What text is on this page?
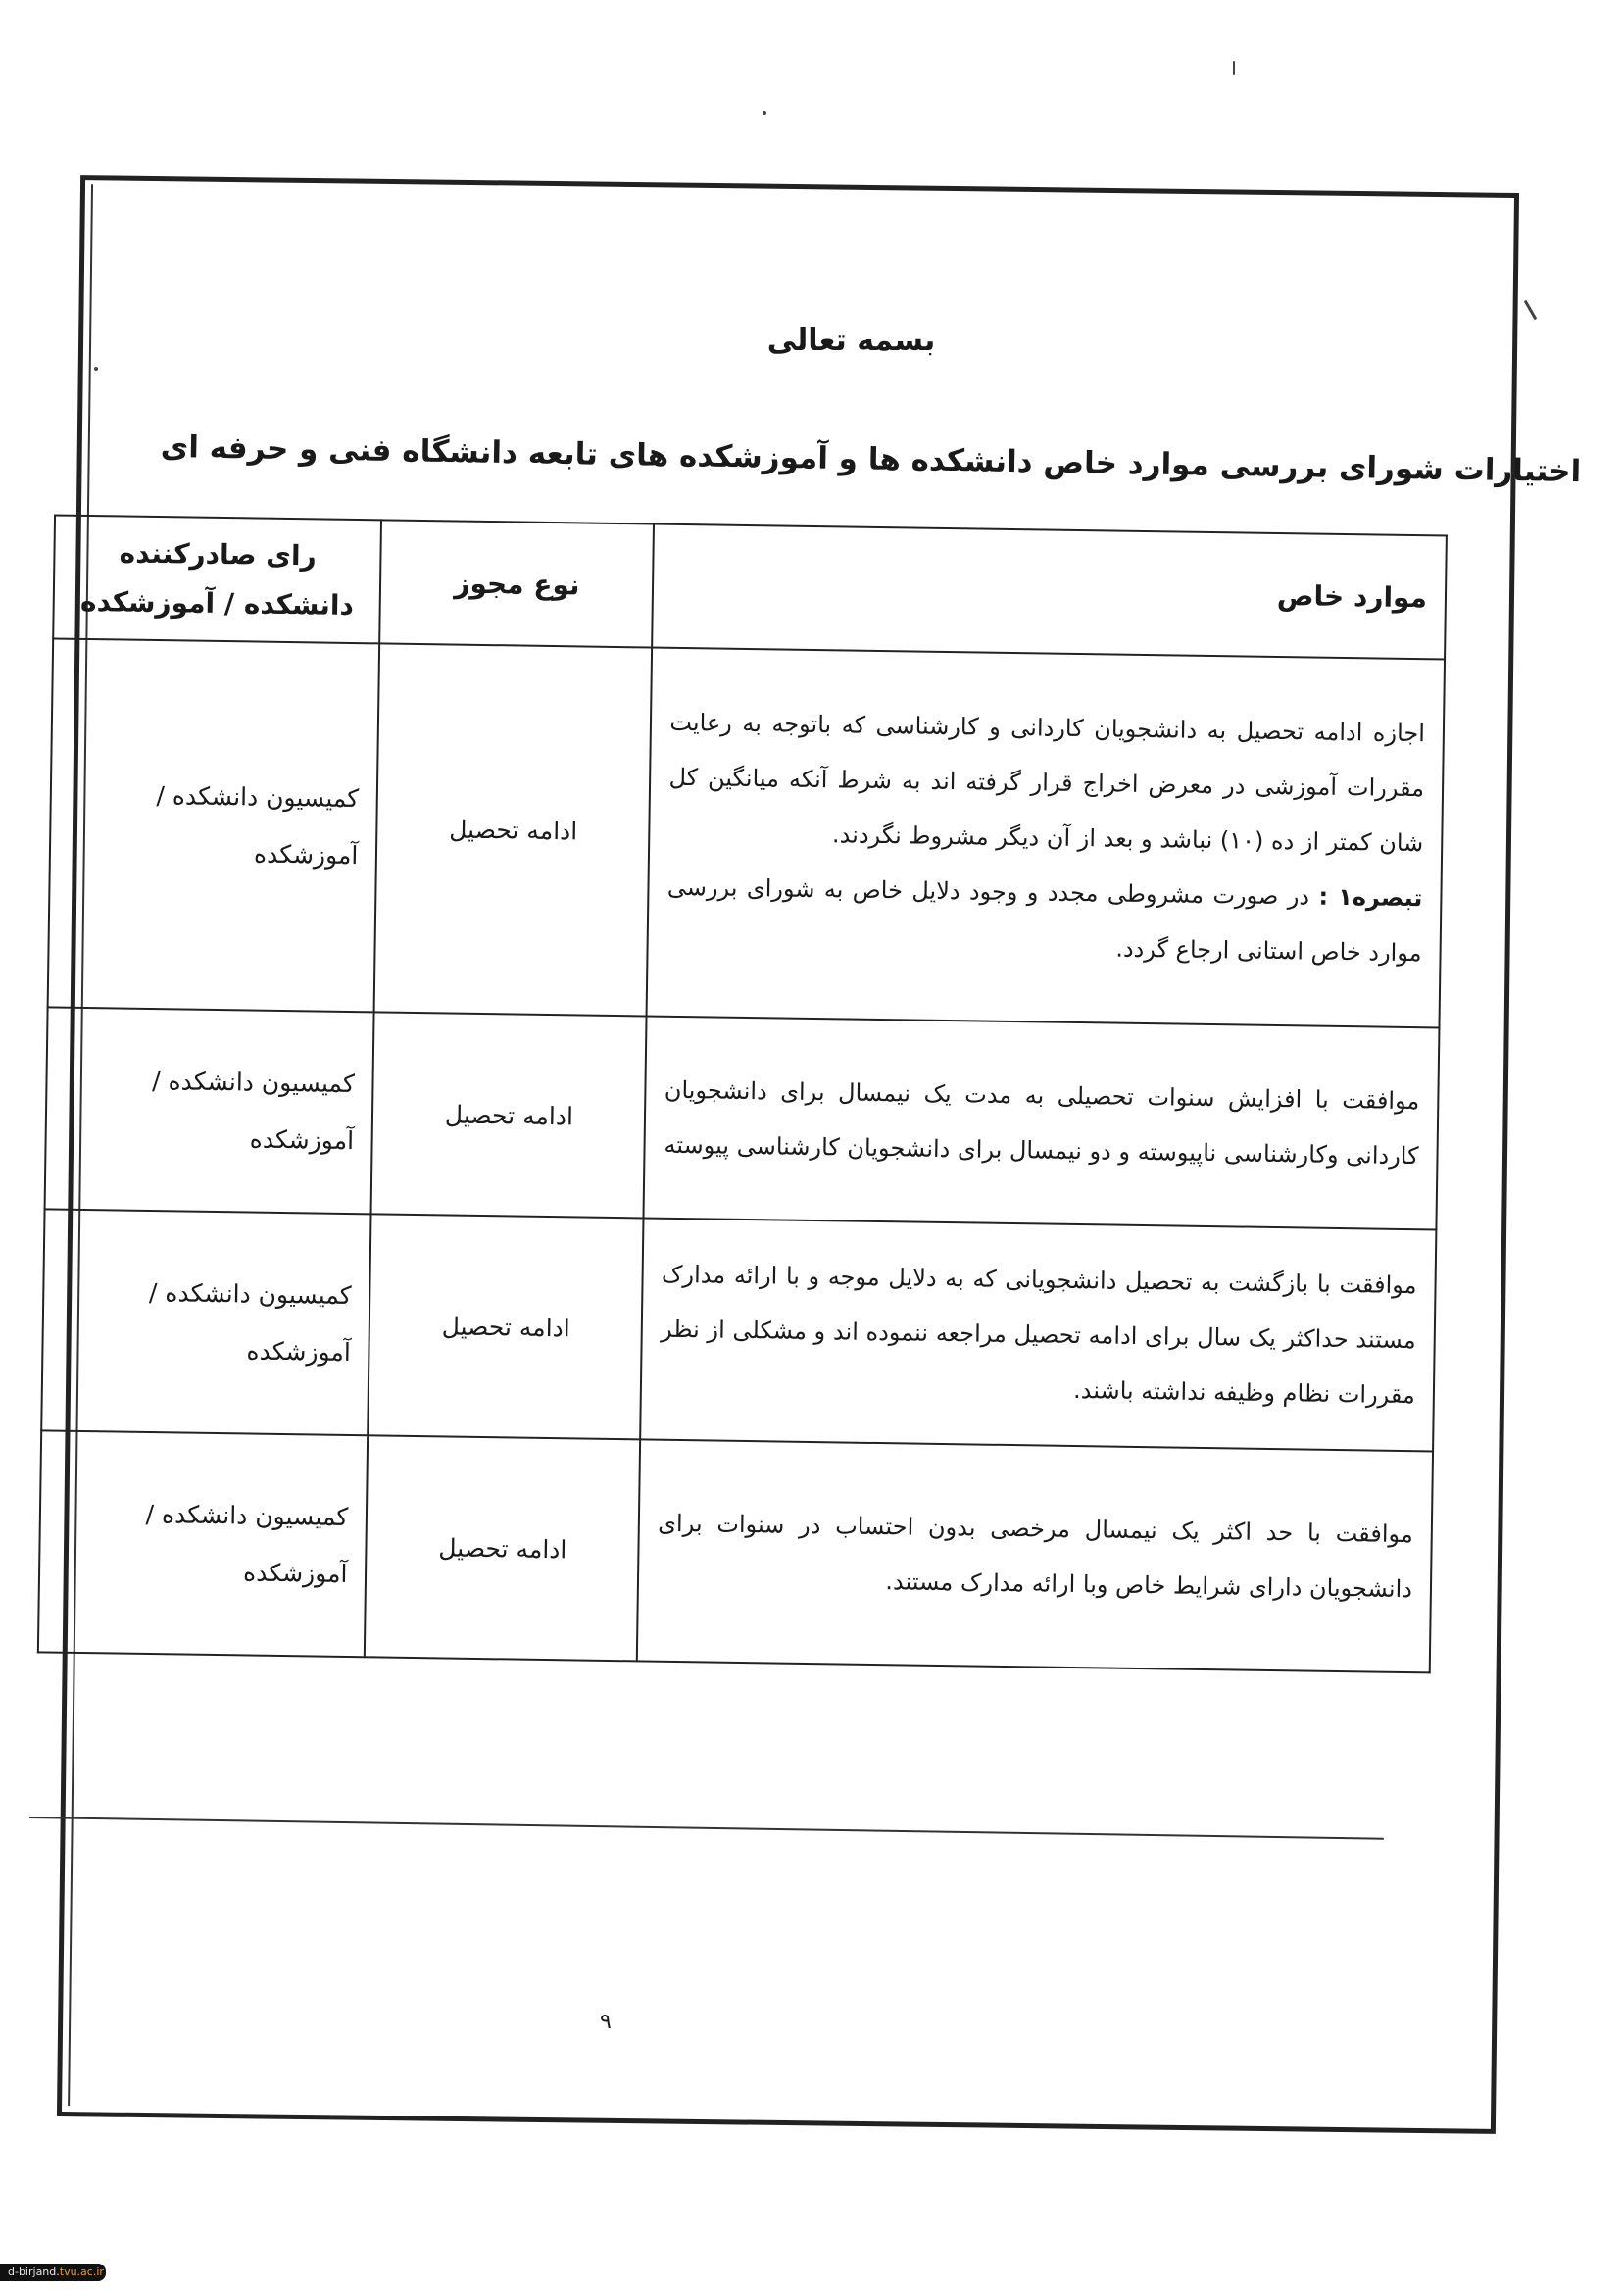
بسمه تعالی
اختیارات شورای بررسی موارد خاص دانشکده ها و آموزشکده های تابعه دانشگاه فنی و حرفه ای
موارد خاص	نوع مجوز	رای صادرکننده
دانشکده / آموزشکده

اجازه ادامه تحصیل به دانشجویان کاردانی و کارشناسی که باتوجه به رعایت مقررات آموزشی در معرض اخراج قرار گرفته اند به شرط آنکه میانگین کل شان کمتر از ده (۱۰) نباشد و بعد از آن دیگر مشروط نگردند.
تبصره۱ : در صورت مشروطی مجدد و وجود دلایل خاص به شورای بررسی موارد خاص استانی ارجاع گردد.	ادامه تحصیل	کمیسیون دانشکده / آموزشکده
موافقت با افزایش سنوات تحصیلی به مدت یک نیمسال برای دانشجویان کاردانی وکارشناسی ناپیوسته و دو نیمسال برای دانشجویان کارشناسی پیوسته	ادامه تحصیل	کمیسیون دانشکده / آموزشکده
موافقت با بازگشت به تحصیل دانشجویانی که به دلایل موجه و با ارائه مدارک مستند حداکثر یک سال برای ادامه تحصیل مراجعه ننموده اند و مشکلی از نظر مقررات نظام وظیفه نداشته باشند.	ادامه تحصیل	کمیسیون دانشکده / آموزشکده
موافقت با حد اکثر یک نیمسال مرخصی بدون احتساب در سنوات برای دانشجویان دارای شرایط خاص وبا ارائه مدارک مستند.	ادامه تحصیل	کمیسیون دانشکده / آموزشکده
۹
d-birjand.tvu.ac.ir
